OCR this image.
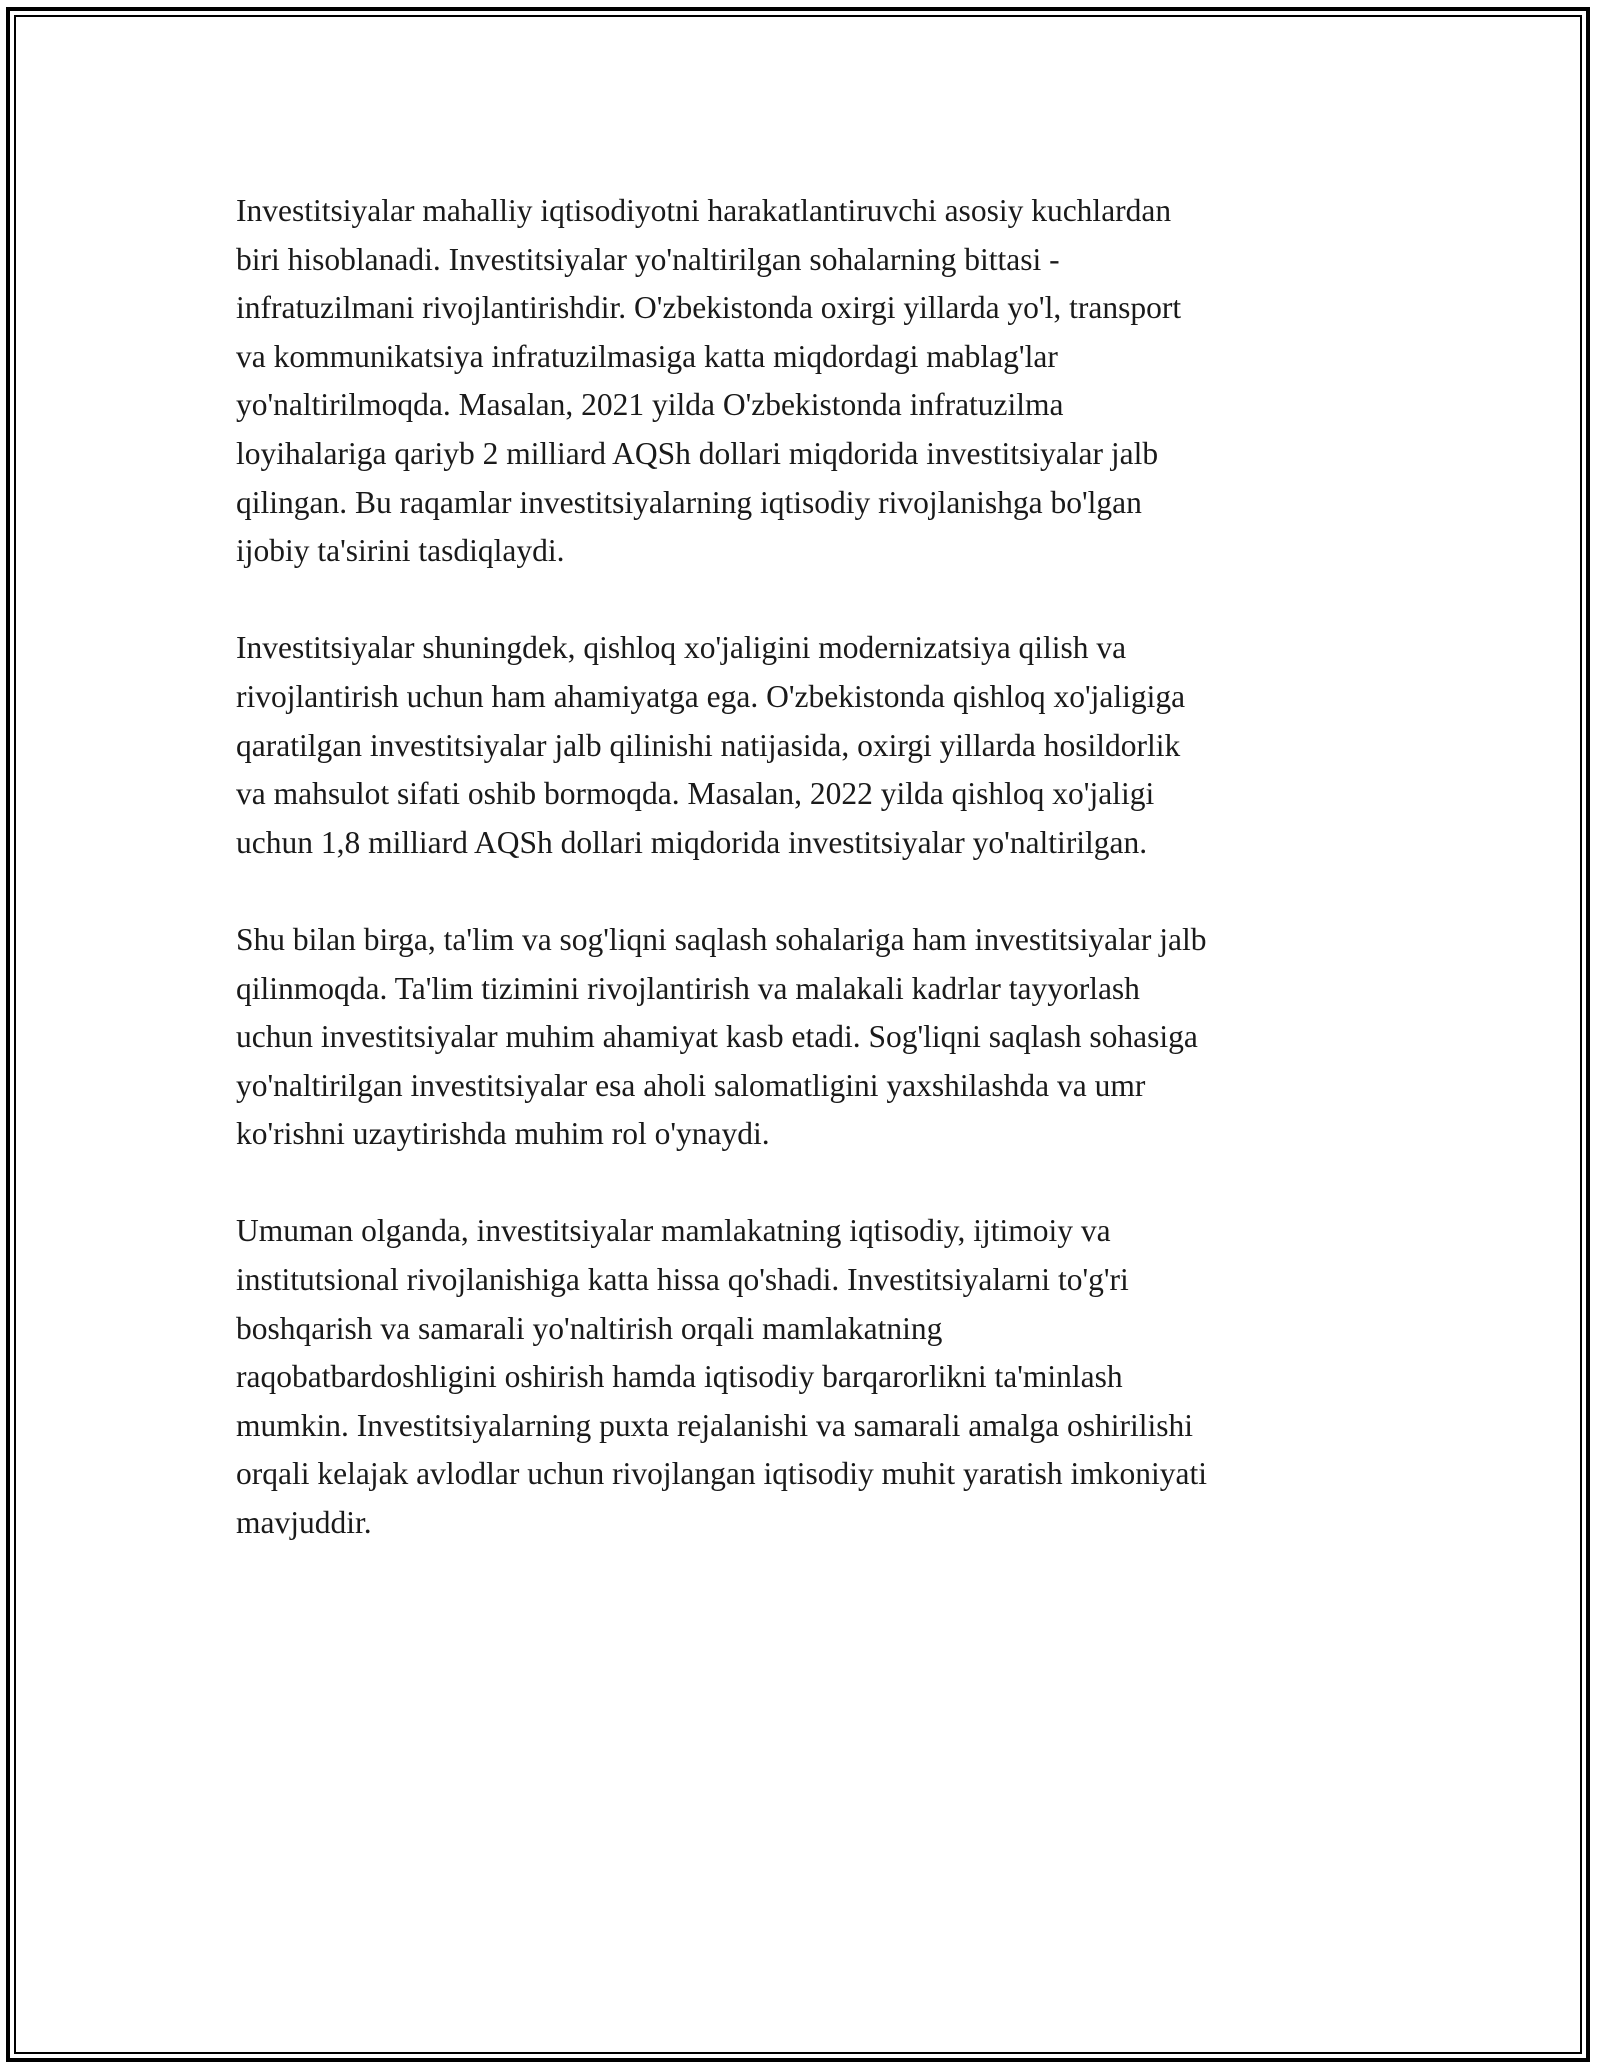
Investitsiyalar mahalliy iqtisodiyotni harakatlantiruvchi asosiy kuchlardan
biri hisoblanadi. Investitsiyalar yo'naltirilgan sohalarning bittasi -
infratuzilmani rivojlantirishdir. O'zbekistonda oxirgi yillarda yo'l, transport
va kommunikatsiya infratuzilmasiga katta miqdordagi mablag'lar
yo'naltirilmoqda. Masalan, 2021 yilda O'zbekistonda infratuzilma
loyihalariga qariyb 2 milliard AQSh dollari miqdorida investitsiyalar jalb
qilingan. Bu raqamlar investitsiyalarning iqtisodiy rivojlanishga bo'lgan
ijobiy ta'sirini tasdiqlaydi.

Investitsiyalar shuningdek, qishloq xo'jaligini modernizatsiya qilish va
rivojlantirish uchun ham ahamiyatga ega. O'zbekistonda qishloq xo'jaligiga
qaratilgan investitsiyalar jalb qilinishi natijasida, oxirgi yillarda hosildorlik
va mahsulot sifati oshib bormoqda. Masalan, 2022 yilda qishloq xo'jaligi
uchun 1,8 milliard AQSh dollari miqdorida investitsiyalar yo'naltirilgan.

Shu bilan birga, ta'lim va sog'liqni saqlash sohalariga ham investitsiyalar jalb
qilinmoqda. Ta'lim tizimini rivojlantirish va malakali kadrlar tayyorlash
uchun investitsiyalar muhim ahamiyat kasb etadi. Sog'liqni saqlash sohasiga
yo'naltirilgan investitsiyalar esa aholi salomatligini yaxshilashda va umr
ko'rishni uzaytirishda muhim rol o'ynaydi.

Umuman olganda, investitsiyalar mamlakatning iqtisodiy, ijtimoiy va
institutsional rivojlanishiga katta hissa qo'shadi. Investitsiyalarni to'g'ri
boshqarish va samarali yo'naltirish orqali mamlakatning
raqobatbardoshligini oshirish hamda iqtisodiy barqarorlikni ta'minlash
mumkin. Investitsiyalarning puxta rejalanishi va samarali amalga oshirilishi
orqali kelajak avlodlar uchun rivojlangan iqtisodiy muhit yaratish imkoniyati
mavjuddir.
